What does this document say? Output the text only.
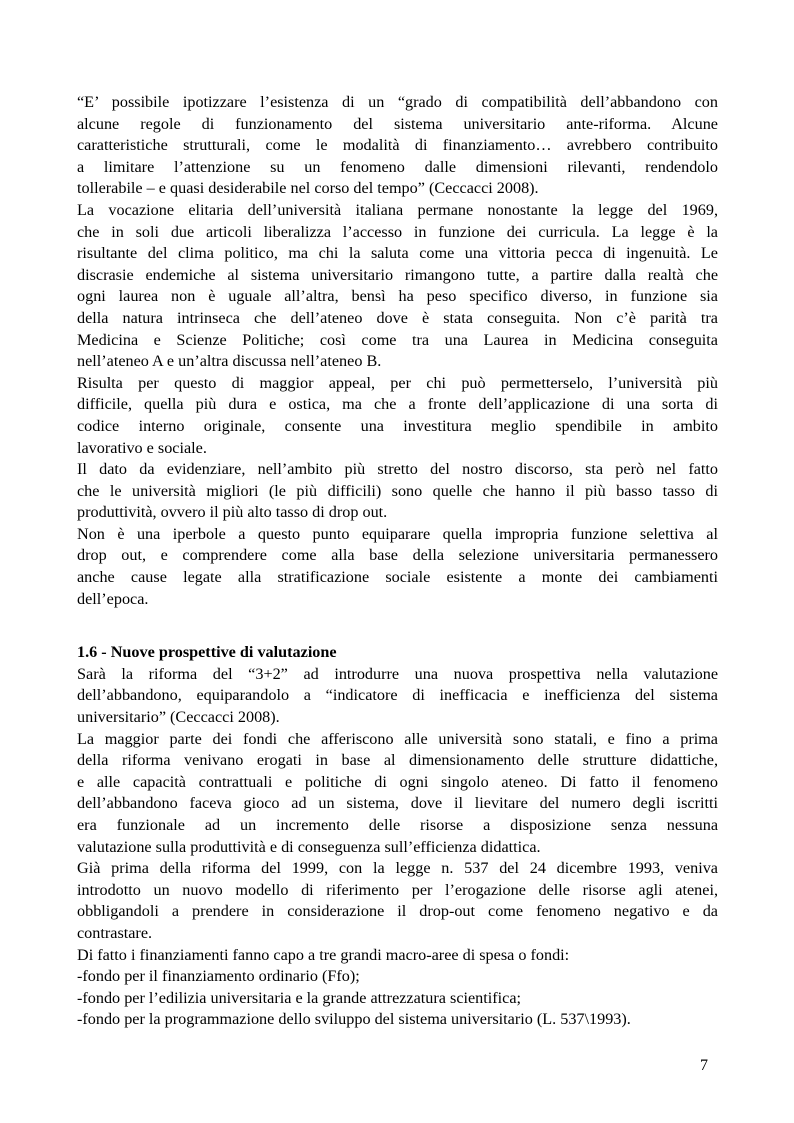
“E’ possibile ipotizzare l’esistenza di un “grado di compatibilità dell’abbandono con
alcune regole di funzionamento del sistema universitario ante-riforma. Alcune
caratteristiche strutturali, come le modalità di finanziamento… avrebbero contribuito
a limitare l’attenzione su un fenomeno dalle dimensioni rilevanti, rendendolo
tollerabile – e quasi desiderabile nel corso del tempo” (Ceccacci 2008).
La vocazione elitaria dell’università italiana permane nonostante la legge del 1969,
che in soli due articoli liberalizza l’accesso in funzione dei curricula. La legge è la
risultante del clima politico, ma chi la saluta come una vittoria pecca di ingenuità. Le
discrasie endemiche al sistema universitario rimangono tutte, a partire dalla realtà che
ogni laurea non è uguale all’altra, bensì ha peso specifico diverso, in funzione sia
della natura intrinseca che dell’ateneo dove è stata conseguita. Non c’è parità tra
Medicina e Scienze Politiche; così come tra una Laurea in Medicina conseguita
nell’ateneo A e un’altra discussa nell’ateneo B.
Risulta per questo di maggior appeal, per chi può permetterselo, l’università più
difficile, quella più dura e ostica, ma che a fronte dell’applicazione di una sorta di
codice interno originale, consente una investitura meglio spendibile in ambito
lavorativo e sociale.
Il dato da evidenziare, nell’ambito più stretto del nostro discorso, sta però nel fatto
che le università migliori (le più difficili) sono quelle che hanno il più basso tasso di
produttività, ovvero il più alto tasso di drop out.
Non è una iperbole a questo punto equiparare quella impropria funzione selettiva al
drop out, e comprendere come alla base della selezione universitaria permanessero
anche cause legate alla stratificazione sociale esistente a monte dei cambiamenti
dell’epoca.
1.6 - Nuove prospettive di valutazione
Sarà la riforma del “3+2” ad introdurre una nuova prospettiva nella valutazione
dell’abbandono, equiparandolo a “indicatore di inefficacia e inefficienza del sistema
universitario” (Ceccacci 2008).
La maggior parte dei fondi che afferiscono alle università sono statali, e fino a prima
della riforma venivano erogati in base al dimensionamento delle strutture didattiche,
e alle capacità contrattuali e politiche di ogni singolo ateneo. Di fatto il fenomeno
dell’abbandono faceva gioco ad un sistema, dove il lievitare del numero degli iscritti
era funzionale ad un incremento delle risorse a disposizione senza nessuna
valutazione sulla produttività e di conseguenza sull’efficienza didattica.
Già prima della riforma del 1999, con la legge n. 537 del 24 dicembre 1993, veniva
introdotto un nuovo modello di riferimento per l’erogazione delle risorse agli atenei,
obbligandoli a prendere in considerazione il drop-out come fenomeno negativo e da
contrastare.
Di fatto i finanziamenti fanno capo a tre grandi macro-aree di spesa o fondi:
-fondo per il finanziamento ordinario (Ffo);
-fondo per l’edilizia universitaria e la grande attrezzatura scientifica;
-fondo per la programmazione dello sviluppo del sistema universitario (L. 537\1993).
7
